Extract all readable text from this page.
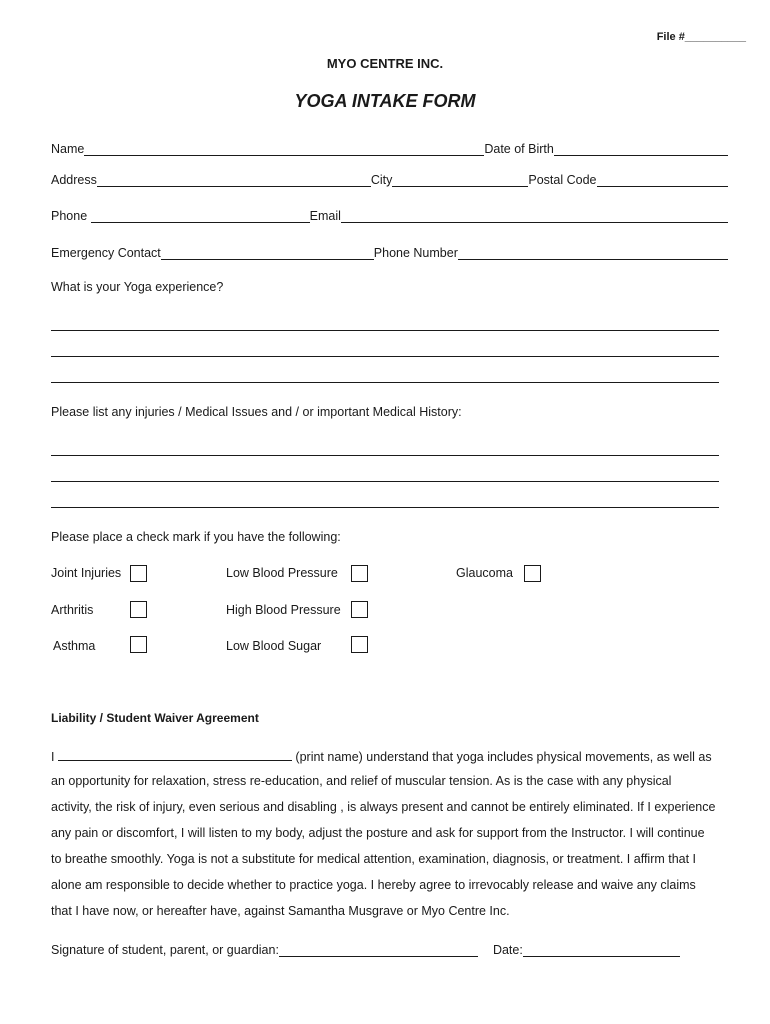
File #__________
MYO CENTRE INC.
YOGA INTAKE FORM
Name	Date of Birth
Address	City	Postal Code
Phone	Email
Emergency Contact	Phone Number
What is your Yoga experience?
Please list any injuries / Medical Issues and / or important Medical History:
Please place a check mark if you have the following:
Joint Injuries	Low Blood Pressure	Glaucoma
Arthritis	High Blood Pressure
Asthma	Low Blood Sugar
Liability / Student Waiver Agreement
I	(print name) understand that yoga includes physical movements, as well as
an opportunity for relaxation, stress re-education, and relief of muscular tension. As is the case with any physical
activity, the risk of injury, even serious and disabling , is always present and cannot be entirely eliminated. If I experience
any pain or discomfort, I will listen to my body, adjust the posture and ask for support from the Instructor. I will continue
to breathe smoothly. Yoga is not a substitute for medical attention, examination, diagnosis, or treatment. I affirm that I
alone am responsible to decide whether to practice yoga. I hereby agree to irrevocably release and waive any claims
that I have now, or hereafter have, against Samantha Musgrave or Myo Centre Inc.
Signature of student, parent, or guardian:	Date:
